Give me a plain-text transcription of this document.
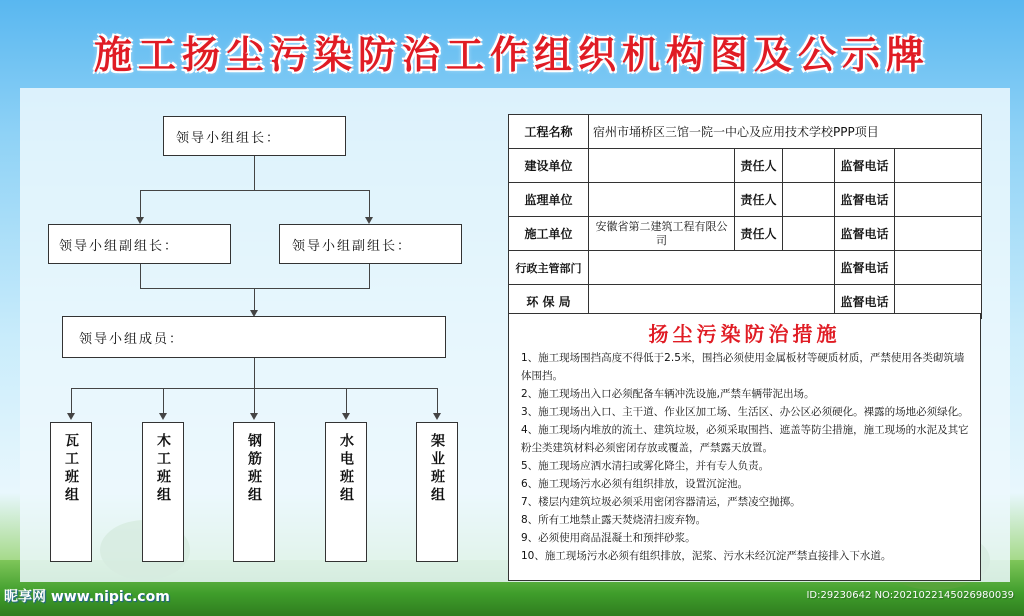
施工扬尘污染防治工作组织机构图及公示牌
领导小组组长：
领导小组副组长：	领导小组副组长：
领导小组成员：
瓦工班组	木工班组	钢筋班组	水电班组	架业班组
工程名称	宿州市埇桥区三馆一院一中心及应用技术学校PPP项目				
建设单位		责任人		监督电话	
监理单位		责任人		监督电话	
施工单位	安徽省第二建筑工程有限公司	责任人		监督电话	
行政主管部门				监督电话	
环 保 局				监督电话	
扬尘污染防治措施
1、施工现场围挡高度不得低于2.5米，围挡必须使用金属板材等硬质材质，严禁使用各类砌筑墙体围挡。
2、施工现场出入口必须配备车辆冲洗设施,严禁车辆带泥出场。
3、施工现场出入口、主干道、作业区加工场、生活区、办公区必须硬化。裸露的场地必须绿化。
4、施工现场内堆放的流土、建筑垃圾，必须采取围挡、遮盖等防尘措施，施工现场的水泥及其它粉尘类建筑材料必须密闭存放或覆盖，严禁露天放置。
5、施工现场应洒水清扫或雾化降尘，并有专人负责。
6、施工现场污水必须有组织排放，设置沉淀池。
7、楼层内建筑垃圾必须采用密闭容器清运，严禁凌空抛掷。
8、所有工地禁止露天焚烧清扫废弃物。
9、必须使用商品混凝土和预拌砂浆。
10、施工现场污水必须有组织排放，泥浆、污水未经沉淀严禁直接排入下水道。
昵享网 www.nipic.com	ID:29230642 NO:20210221450269800​39
